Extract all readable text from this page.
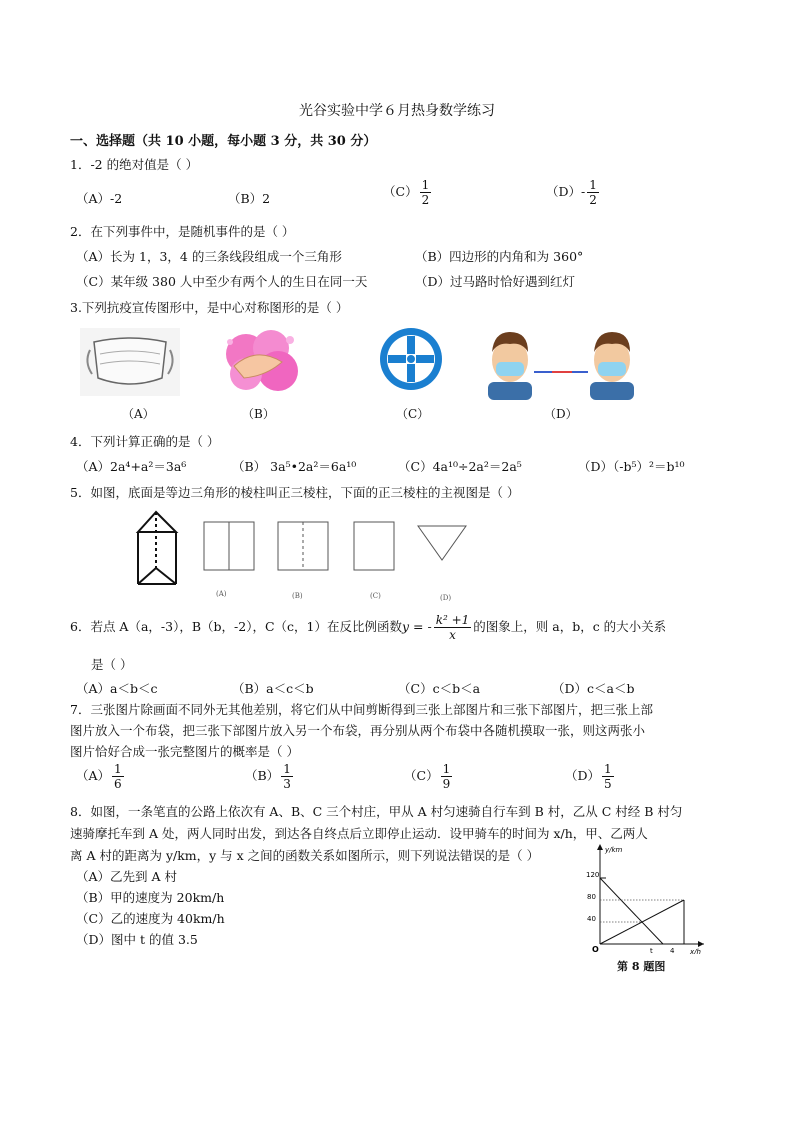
光谷实验中学６月热身数学练习
一、选择题（共 10 小题，每小题 3 分，共 30 分）
1．-2 的绝对值是（ ）
（A）-2	（B）2	$(C) \frac{1}{2}$	$(D)- \frac{1}{2}$
2．在下列事件中，是随机事件的是（ ）
（A）长为 1，3，4 的三条线段组成一个三角形	（B）四边形的内角和为 360°
（C）某年级 380 人中至少有两个人的生日在同一天	（D）过马路时恰好遇到红灯
3.下列抗疫宣传图形中，是中心对称图形的是（ ）
（A）	（B）	（C）	（D）
4．下列计算正确的是（ ）
（A）2a⁴+a²＝3a⁶	（B） 3a⁵•2a²＝6a¹⁰	（C）4a¹⁰÷2a²＝2a⁵	（D）（-b⁵）²＝b¹⁰
5．如图，底面是等边三角形的棱柱叫正三棱柱，下面的正三棱柱的主视图是（ ）
(A)	(B)	(C)	(D)
6．若点 A（a，-3），B（b，-2），C（c，1）在反比例函数y = - $\frac{\text{k² +1}}{x}$ 的图象上，则 a，b，c 的大小关系
是（ ）
（A）a＜b＜c	（B）a＜c＜b	（C）c＜b＜a	（D）c＜a＜b
7．三张图片除画面不同外无其他差别，将它们从中间剪断得到三张上部图片和三张下部图片，把三张上部
图片放入一个布袋，把三张下部图片放入另一个布袋，再分别从两个布袋中各随机摸取一张，则这两张小
图片恰好合成一张完整图片的概率是（ ）
$(A) \frac{1}{6}$	$(B) \frac{1}{3}$	$(C) \frac{1}{9}$	$(D) \frac{1}{5}$
8．如图，一条笔直的公路上依次有 A、B、C 三个村庄，甲从 A 村匀速骑自行车到 B 村，乙从 C 村经 B 村匀
速骑摩托车到 A 处，两人同时出发，到达各自终点后立即停止运动．设甲骑车的时间为 x/h，甲、乙两人
离 A 村的距离为 y/km，y 与 x 之间的函数关系如图所示，则下列说法错误的是（ ）
（A）乙先到 A 村
（B）甲的速度为 20km/h
（C）乙的速度为 40km/h
（D）图中 t 的值 3.5
y/km
x/h
O	t 4
40
80
120
第 8 题图
